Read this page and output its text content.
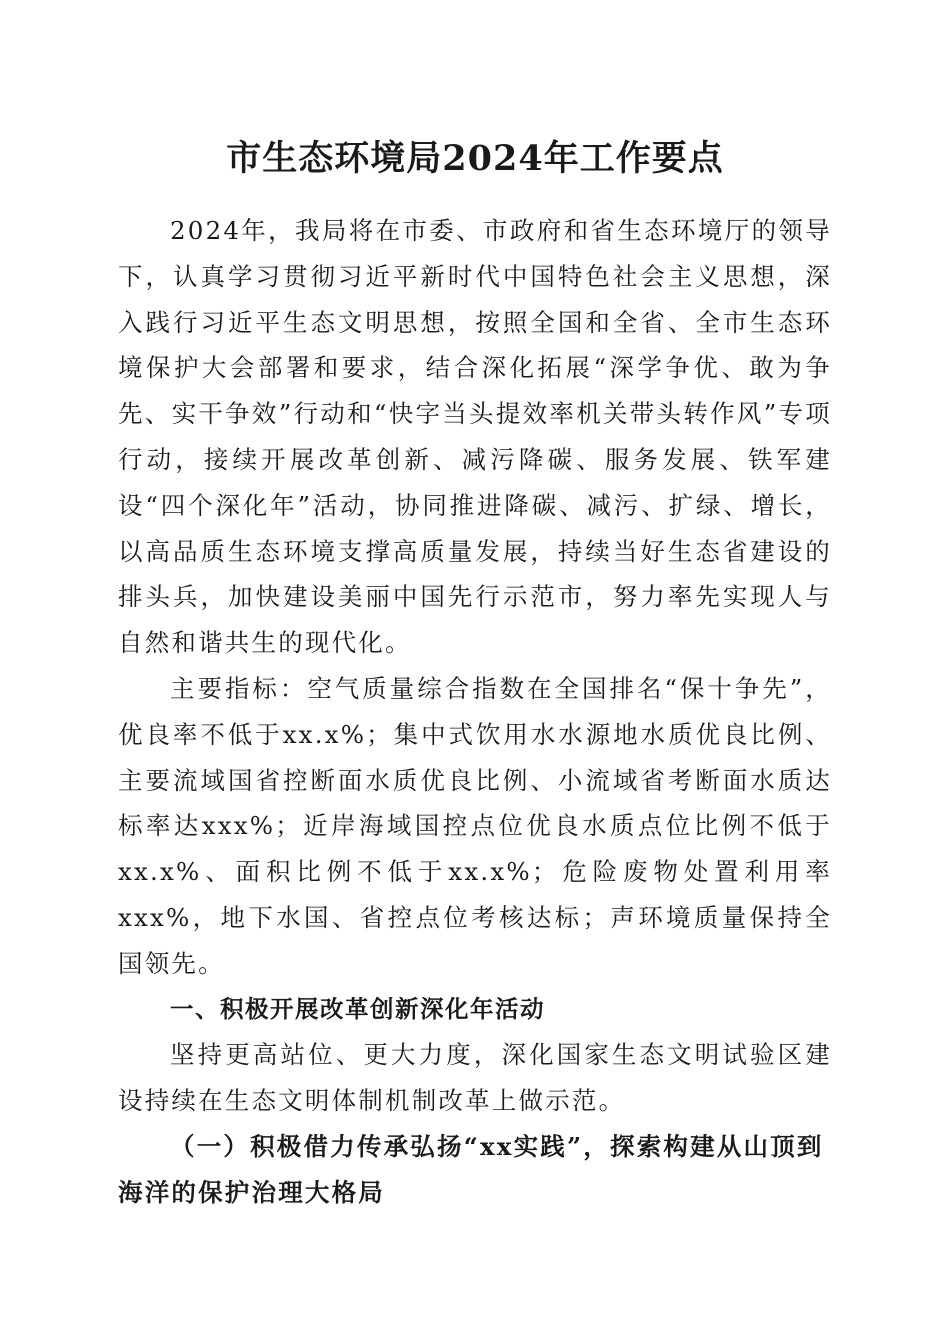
市生态环境局2024年工作要点

2024年，我局将在市委、市政府和省生态环境厅的领导下，认真学习贯彻习近平新时代中国特色社会主义思想，深入践行习近平生态文明思想，按照全国和全省、全市生态环境保护大会部署和要求，结合深化拓展“深学争优、敢为争先、实干争效”行动和“快字当头提效率机关带头转作风”专项行动，接续开展改革创新、减污降碳、服务发展、铁军建设“四个深化年”活动，协同推进降碳、减污、扩绿、增长，以高品质生态环境支撑高质量发展，持续当好生态省建设的排头兵，加快建设美丽中国先行示范市，努力率先实现人与自然和谐共生的现代化。

主要指标：空气质量综合指数在全国排名“保十争先”，优良率不低于xx.x%；集中式饮用水水源地水质优良比例、主要流域国省控断面水质优良比例、小流域省考断面水质达标率达xxx%；近岸海域国控点位优良水质点位比例不低于xx.x%、面积比例不低于xx.x%；危险废物处置利用率xxx%，地下水国、省控点位考核达标；声环境质量保持全国领先。

一、积极开展改革创新深化年活动

坚持更高站位、更大力度，深化国家生态文明试验区建设持续在生态文明体制机制改革上做示范。

（一）积极借力传承弘扬“xx实践”，探索构建从山顶到海洋的保护治理大格局
